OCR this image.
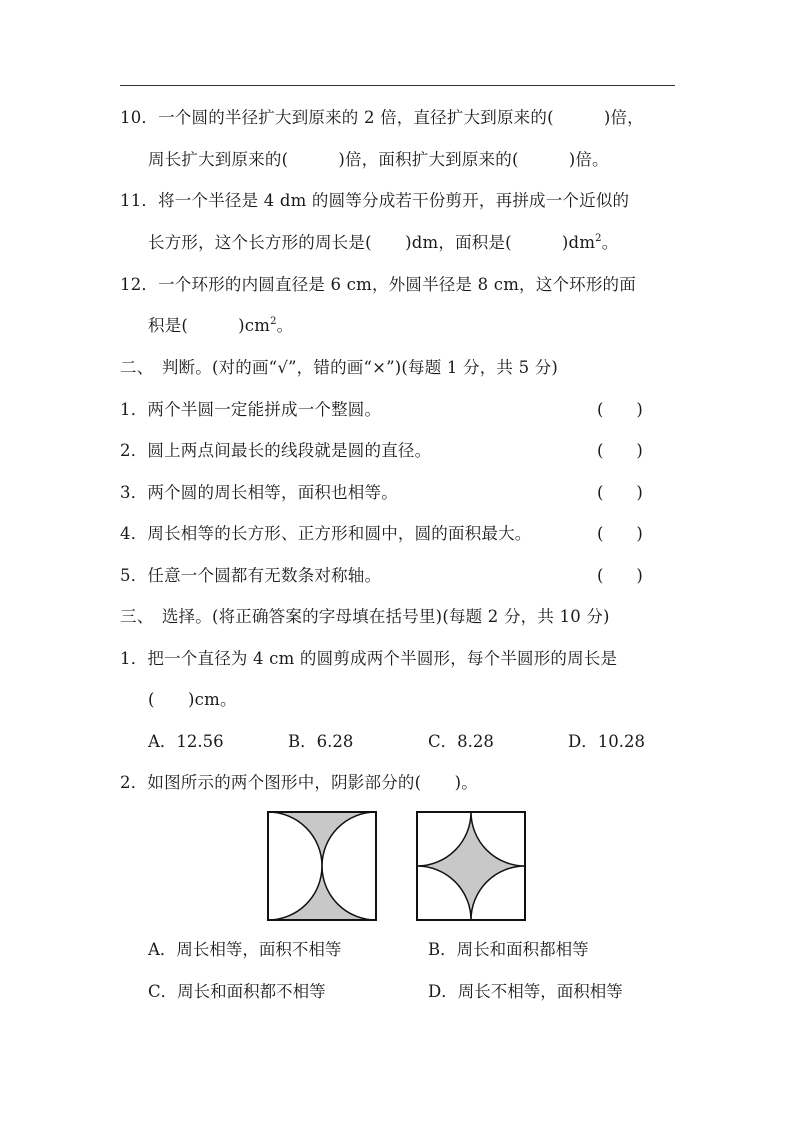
10．一个圆的半径扩大到原来的 2 倍，直径扩大到原来的(　　　)倍，
周长扩大到原来的(　　　)倍，面积扩大到原来的(　　　)倍。
11．将一个半径是 4 dm 的圆等分成若干份剪开，再拼成一个近似的
长方形，这个长方形的周长是(　　)dm，面积是(　　　)$dm^2$。
12．一个环形的内圆直径是 6 cm，外圆半径是 8 cm，这个环形的面
积是(　　　)$cm^2$。
二、　判断。(对的画“√”，错的画“×”)(每题 1 分，共 5 分)
1．两个半圆一定能拼成一个整圆。	(　　)
2．圆上两点间最长的线段就是圆的直径。	(　　)
3．两个圆的周长相等，面积也相等。	(　　)
4．周长相等的长方形、正方形和圆中，圆的面积最大。	(　　)
5．任意一个圆都有无数条对称轴。	(　　)
三、　选择。(将正确答案的字母填在括号里)(每题 2 分，共 10 分)
1．把一个直径为 4 cm 的圆剪成两个半圆形，每个半圆形的周长是
(　　)cm。
A．12.56	B．6.28	C．8.28	D．10.28
2．如图所示的两个图形中，阴影部分的(　　)。
A．周长相等，面积不相等	B．周长和面积都相等
C．周长和面积都不相等	D．周长不相等，面积相等
